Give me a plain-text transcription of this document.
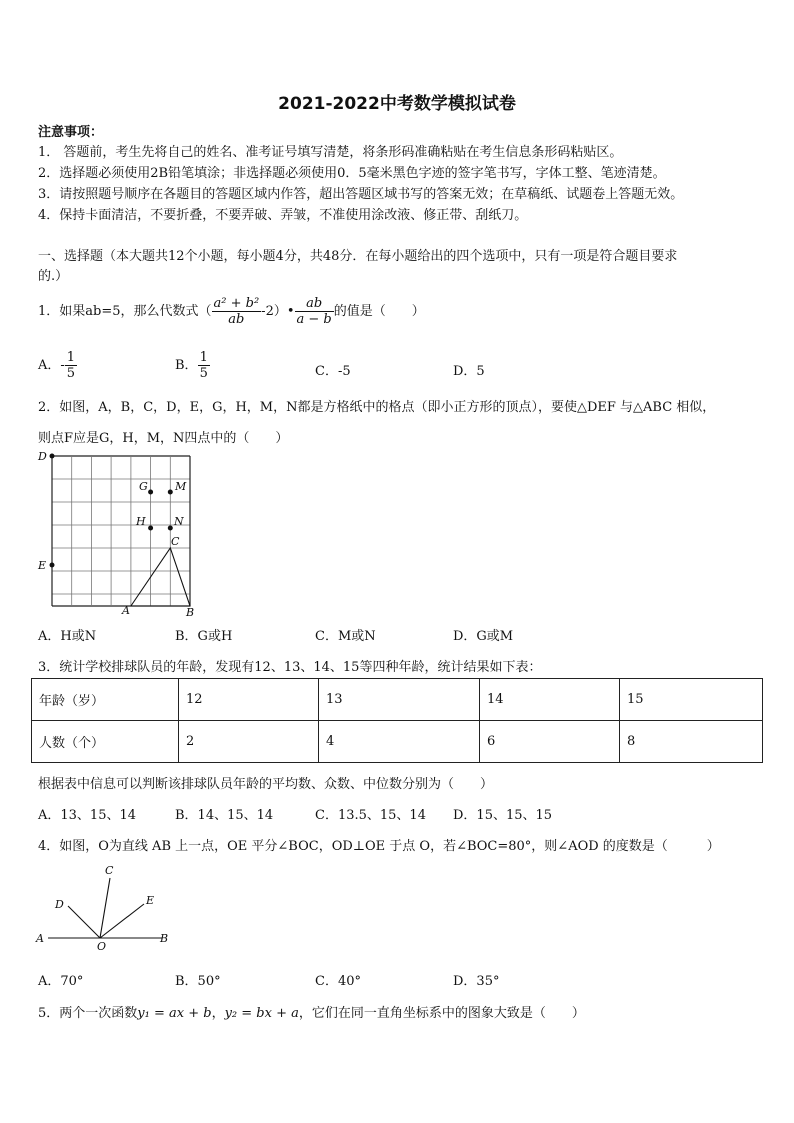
2021-2022中考数学模拟试卷
注意事项：
1． 答题前，考生先将自己的姓名、准考证号填写清楚，将条形码准确粘贴在考生信息条形码粘贴区。
2．选择题必须使用2B铅笔填涂；非选择题必须使用0．5毫米黑色字迹的签字笔书写，字体工整、笔迹清楚。
3．请按照题号顺序在各题目的答题区域内作答，超出答题区域书写的答案无效；在草稿纸、试题卷上答题无效。
4．保持卡面清洁，不要折叠，不要弄破、弄皱，不准使用涂改液、修正带、刮纸刀。
一、选择题（本大题共12个小题，每小题4分，共48分．在每小题给出的四个选项中，只有一项是符合题目要求
的.）
1．如果ab=5，那么代数式（ $\frac{\text{a² + b²}}{ab}$ -2）• $\frac{ab}{a - b}$ 的值是（　　）
A．- $\frac{1}{5}$	B． $\frac{1}{5}$	C．-5	D．5
2．如图，A，B，C，D，E，G，H，M，N都是方格纸中的格点（即小正方形的顶点），要使△DEF 与△ABC 相似，
则点F应是G，H，M，N四点中的（　　）
D
E
G M
H	N
C
A	B
A．H或N	B．G或H	C．M或N	D．G或M
3．统计学校排球队员的年龄，发现有12、13、14、15等四种年龄，统计结果如下表：
年龄（岁）	12	13	14	15
人数（个）	2	4	6	8
根据表中信息可以判断该排球队员年龄的平均数、众数、中位数分别为（　　）
A．13、15、14	B．14、15、14	C．13.5、15、14 D．15、15、15
4．如图，O为直线 AB 上一点，OE 平分∠BOC，OD⊥OE 于点 O，若∠BOC=80°，则∠AOD 的度数是（　　　）
A	B
C
D	E
O
A．70°	B．50°	C．40°	D．35°
5．两个一次函数y₁ = ax + b，y₂ = bx + a，它们在同一直角坐标系中的图象大致是（　　）
